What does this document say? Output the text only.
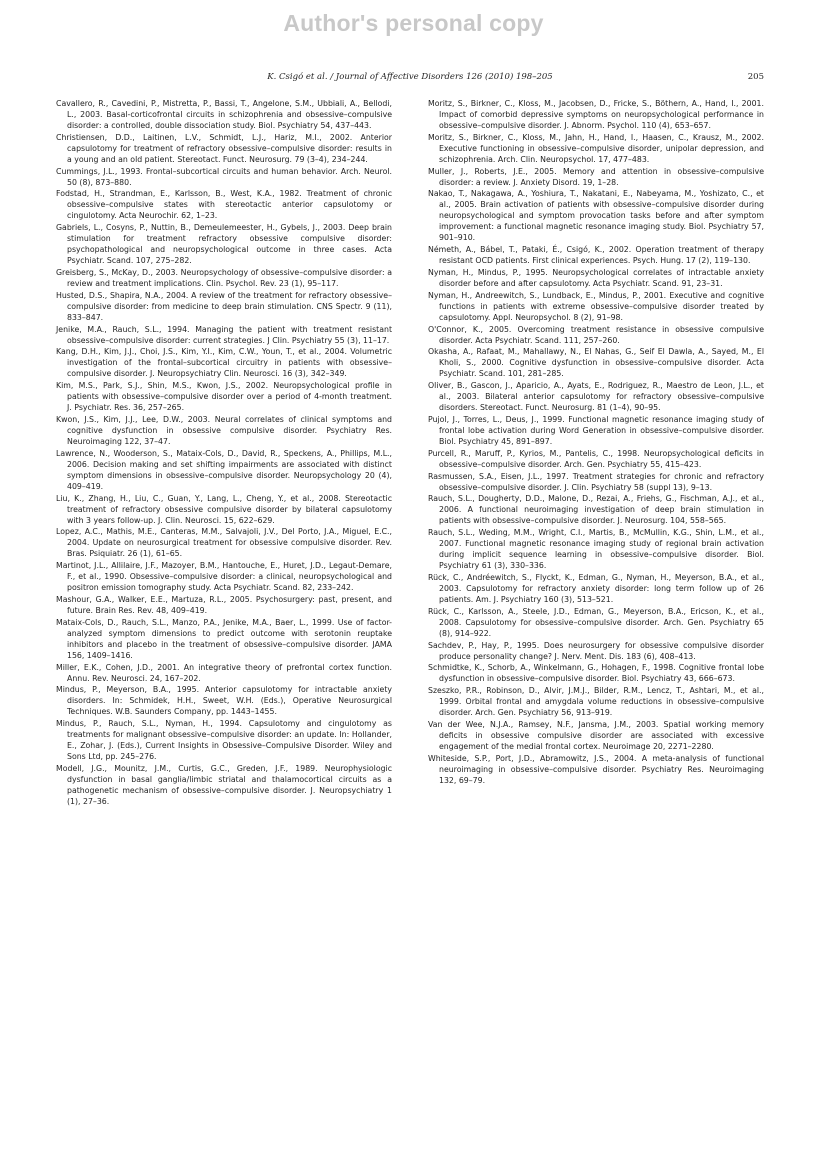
Author's personal copy
K. Csigó et al. / Journal of Affective Disorders 126 (2010) 198–205	205

Cavallero, R., Cavedini, P., Mistretta, P., Bassi, T., Angelone, S.M., Ubbiali, A., Bellodi, L., 2003. Basal-corticofrontal circuits in schizophrenia and obsessive–compulsive disorder: a controlled, double dissociation study. Biol. Psychiatry 54, 437–443.

Christiensen, D.D., Laitinen, L.V., Schmidt, L.J., Hariz, M.I., 2002. Anterior capsulotomy for treatment of refractory obsessive–compulsive disorder: results in a young and an old patient. Stereotact. Funct. Neurosurg. 79 (3–4), 234–244.

Cummings, J.L., 1993. Frontal–subcortical circuits and human behavior. Arch. Neurol. 50 (8), 873–880.

Fodstad, H., Strandman, E., Karlsson, B., West, K.A., 1982. Treatment of chronic obsessive–compulsive states with stereotactic anterior capsulotomy or cingulotomy. Acta Neurochir. 62, 1–23.

Gabriels, L., Cosyns, P., Nuttin, B., Demeulemeester, H., Gybels, J., 2003. Deep brain stimulation for treatment refractory obsessive compulsive disorder: psychopathological and neuropsychological outcome in three cases. Acta Psychiatr. Scand. 107, 275–282.

Greisberg, S., McKay, D., 2003. Neuropsychology of obsessive–compulsive disorder: a review and treatment implications. Clin. Psychol. Rev. 23 (1), 95–117.

Husted, D.S., Shapira, N.A., 2004. A review of the treatment for refractory obsessive–compulsive disorder: from medicine to deep brain stimulation. CNS Spectr. 9 (11), 833–847.

Jenike, M.A., Rauch, S.L., 1994. Managing the patient with treatment resistant obsessive–compulsive disorder: current strategies. J Clin. Psychiatry 55 (3), 11–17.

Kang, D.H., Kim, J.J., Choi, J.S., Kim, Y.I., Kim, C.W., Youn, T., et al., 2004. Volumetric investigation of the frontal–subcortical circuitry in patients with obsessive–compulsive disorder. J. Neuropsychiatry Clin. Neurosci. 16 (3), 342–349.

Kim, M.S., Park, S.J., Shin, M.S., Kwon, J.S., 2002. Neuropsychological profile in patients with obsessive–compulsive disorder over a period of 4-month treatment. J. Psychiatr. Res. 36, 257–265.

Kwon, J.S., Kim, J.J., Lee, D.W., 2003. Neural correlates of clinical symptoms and cognitive dysfunction in obsessive compulsive disorder. Psychiatry Res. Neuroimaging 122, 37–47.

Lawrence, N., Wooderson, S., Mataix-Cols, D., David, R., Speckens, A., Phillips, M.L., 2006. Decision making and set shifting impairments are associated with distinct symptom dimensions in obsessive–compulsive disorder. Neuropsychology 20 (4), 409–419.

Liu, K., Zhang, H., Liu, C., Guan, Y., Lang, L., Cheng, Y., et al., 2008. Stereotactic treatment of refractory obsessive compulsive disorder by bilateral capsulotomy with 3 years follow-up. J. Clin. Neurosci. 15, 622–629.

Lopez, A.C., Mathis, M.E., Canteras, M.M., Salvajoli, J.V., Del Porto, J.A., Miguel, E.C., 2004. Update on neurosurgical treatment for obsessive compulsive disorder. Rev. Bras. Psiquiatr. 26 (1), 61–65.

Martinot, J.L., Allilaire, J.F., Mazoyer, B.M., Hantouche, E., Huret, J.D., Legaut-Demare, F., et al., 1990. Obsessive–compulsive disorder: a clinical, neuropsychological and positron emission tomography study. Acta Psychiatr. Scand. 82, 233–242.

Mashour, G.A., Walker, E.E., Martuza, R.L., 2005. Psychosurgery: past, present, and future. Brain Res. Rev. 48, 409–419.

Mataix-Cols, D., Rauch, S.L., Manzo, P.A., Jenike, M.A., Baer, L., 1999. Use of factor-analyzed symptom dimensions to predict outcome with serotonin reuptake inhibitors and placebo in the treatment of obsessive–compulsive disorder. JAMA 156, 1409–1416.

Miller, E.K., Cohen, J.D., 2001. An integrative theory of prefrontal cortex function. Annu. Rev. Neurosci. 24, 167–202.

Mindus, P., Meyerson, B.A., 1995. Anterior capsulotomy for intractable anxiety disorders. In: Schmidek, H.H., Sweet, W.H. (Eds.), Operative Neurosurgical Techniques. W.B. Saunders Company, pp. 1443–1455.

Mindus, P., Rauch, S.L., Nyman, H., 1994. Capsulotomy and cingulotomy as treatments for malignant obsessive–compulsive disorder: an update. In: Hollander, E., Zohar, J. (Eds.), Current Insights in Obsessive–Compulsive Disorder. Wiley and Sons Ltd, pp. 245–276.

Modell, J.G., Mounitz, J.M., Curtis, G.C., Greden, J.F., 1989. Neurophysiologic dysfunction in basal ganglia/limbic striatal and thalamocortical circuits as a pathogenetic mechanism of obsessive–compulsive disorder. J. Neuropsychiatry 1 (1), 27–36.

Moritz, S., Birkner, C., Kloss, M., Jacobsen, D., Fricke, S., Böthern, A., Hand, I., 2001. Impact of comorbid depressive symptoms on neuropsychological performance in obsessive–compulsive disorder. J. Abnorm. Psychol. 110 (4), 653–657.

Moritz, S., Birkner, C., Kloss, M., Jahn, H., Hand, I., Haasen, C., Krausz, M., 2002. Executive functioning in obsessive–compulsive disorder, unipolar depression, and schizophrenia. Arch. Clin. Neuropsychol. 17, 477–483.

Muller, J., Roberts, J.E., 2005. Memory and attention in obsessive–compulsive disorder: a review. J. Anxiety Disord. 19, 1–28.

Nakao, T., Nakagawa, A., Yoshiura, T., Nakatani, E., Nabeyama, M., Yoshizato, C., et al., 2005. Brain activation of patients with obsessive–compulsive disorder during neuropsychological and symptom provocation tasks before and after symptom improvement: a functional magnetic resonance imaging study. Biol. Psychiatry 57, 901–910.

Németh, A., Bábel, T., Pataki, É., Csigó, K., 2002. Operation treatment of therapy resistant OCD patients. First clinical experiences. Psych. Hung. 17 (2), 119–130.

Nyman, H., Mindus, P., 1995. Neuropsychological correlates of intractable anxiety disorder before and after capsulotomy. Acta Psychiatr. Scand. 91, 23–31.

Nyman, H., Andreewitch, S., Lundback, E., Mindus, P., 2001. Executive and cognitive functions in patients with extreme obsessive–compulsive disorder treated by capsulotomy. Appl. Neuropsychol. 8 (2), 91–98.

O'Connor, K., 2005. Overcoming treatment resistance in obsessive compulsive disorder. Acta Psychiatr. Scand. 111, 257–260.

Okasha, A., Rafaat, M., Mahallawy, N., El Nahas, G., Seif El Dawla, A., Sayed, M., El Kholi, S., 2000. Cognitive dysfunction in obsessive–compulsive disorder. Acta Psychiatr. Scand. 101, 281–285.

Oliver, B., Gascon, J., Aparicio, A., Ayats, E., Rodriguez, R., Maestro de Leon, J.L., et al., 2003. Bilateral anterior capsulotomy for refractory obsessive–compulsive disorders. Stereotact. Funct. Neurosurg. 81 (1–4), 90–95.

Pujol, J., Torres, L., Deus, J., 1999. Functional magnetic resonance imaging study of frontal lobe activation during Word Generation in obsessive–compulsive disorder. Biol. Psychiatry 45, 891–897.

Purcell, R., Maruff, P., Kyrios, M., Pantelis, C., 1998. Neuropsychological deficits in obsessive–compulsive disorder. Arch. Gen. Psychiatry 55, 415–423.

Rasmussen, S.A., Eisen, J.L., 1997. Treatment strategies for chronic and refractory obsessive–compulsive disorder. J. Clin. Psychiatry 58 (suppl 13), 9–13.

Rauch, S.L., Dougherty, D.D., Malone, D., Rezai, A., Friehs, G., Fischman, A.J., et al., 2006. A functional neuroimaging investigation of deep brain stimulation in patients with obsessive–compulsive disorder. J. Neurosurg. 104, 558–565.

Rauch, S.L., Weding, M.M., Wright, C.I., Martis, B., McMullin, K.G., Shin, L.M., et al., 2007. Functional magnetic resonance imaging study of regional brain activation during implicit sequence learning in obsessive–compulsive disorder. Biol. Psychiatry 61 (3), 330–336.

Rück, C., Andréewitch, S., Flyckt, K., Edman, G., Nyman, H., Meyerson, B.A., et al., 2003. Capsulotomy for refractory anxiety disorder: long term follow up of 26 patients. Am. J. Psychiatry 160 (3), 513–521.

Rück, C., Karlsson, A., Steele, J.D., Edman, G., Meyerson, B.A., Ericson, K., et al., 2008. Capsulotomy for obsessive–compulsive disorder. Arch. Gen. Psychiatry 65 (8), 914–922.

Sachdev, P., Hay, P., 1995. Does neurosurgery for obsessive compulsive disorder produce personality change? J. Nerv. Ment. Dis. 183 (6), 408–413.

Schmidtke, K., Schorb, A., Winkelmann, G., Hohagen, F., 1998. Cognitive frontal lobe dysfunction in obsessive–compulsive disorder. Biol. Psychiatry 43, 666–673.

Szeszko, P.R., Robinson, D., Alvir, J.M.J., Bilder, R.M., Lencz, T., Ashtari, M., et al., 1999. Orbital frontal and amygdala volume reductions in obsessive–compulsive disorder. Arch. Gen. Psychiatry 56, 913–919.

Van der Wee, N.J.A., Ramsey, N.F., Jansma, J.M., 2003. Spatial working memory deficits in obsessive compulsive disorder are associated with excessive engagement of the medial frontal cortex. Neuroimage 20, 2271–2280.

Whiteside, S.P., Port, J.D., Abramowitz, J.S., 2004. A meta-analysis of functional neuroimaging in obsessive–compulsive disorder. Psychiatry Res. Neuroimaging 132, 69–79.
